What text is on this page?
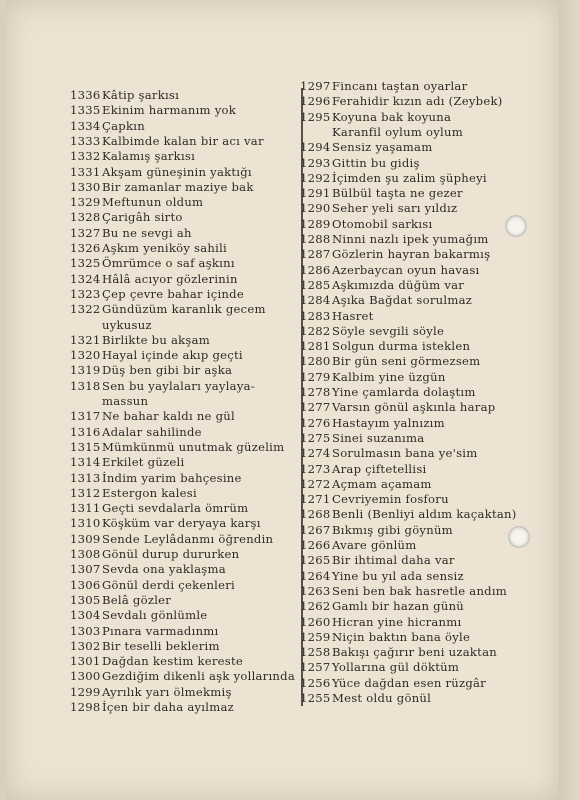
1336Kâtip şarkısı
1335Ekinim harmanım yok
1334Çapkın
1333Kalbimde kalan bir acı var
1332Kalamış şarkısı
1331Akşam güneşinin yaktığı
1330Bir zamanlar maziye bak
1329Meftunun oldum
1328Çarigâh sirto
1327Bu ne sevgi ah
1326Aşkım yeniköy sahili
1325Ömrümce o saf aşkını
1324Hâlâ acıyor gözlerinin
1323Çep çevre bahar içinde
1322Gündüzüm karanlık gecem
uykusuz
1321Birlikte bu akşam
1320Hayal içinde akıp geçti
1319Düş ben gibi bir aşka
1318Sen bu yaylaları yaylaya-
massun
1317Ne bahar kaldı ne gül
1316Adalar sahilinde
1315Mümkünmü unutmak güzelim
1314Erkilet güzeli
1313İndim yarim bahçesine
1312Estergon kalesi
1311Geçti sevdalarla ömrüm
1310Köşküm var deryaya karşı
1309Sende Leylâdanmı öğrendin
1308Gönül durup dururken
1307Sevda ona yaklaşma
1306Gönül derdi çekenleri
1305Belâ gözler
1304Sevdalı gönlümle
1303Pınara varmadınmı
1302Bir teselli beklerim
1301Dağdan kestim kereste
1300Gezdiğim dikenli aşk yollarında
1299Ayrılık yarı ölmekmiş
1298İçen bir daha ayılmaz
1297Fincanı taştan oyarlar
1296Ferahidir kızın adı (Zeybek)
1295Koyuna bak koyuna
Karanfil oylum oylum
1294Sensiz yaşamam
1293Gittin bu gidiş
1292İçimden şu zalim şüpheyi
1291Bülbül taşta ne gezer
1290Seher yeli sarı yıldız
1289Otomobil sarkısı
1288Ninni nazlı ipek yumağım
1287Gözlerin hayran bakarmış
1286Azerbaycan oyun havası
1285Aşkımızda düğüm var
1284Aşıka Bağdat sorulmaz
1283Hasret
1282Söyle sevgili söyle
1281Solgun durma isteklen
1280Bir gün seni görmezsem
1279Kalbim yine üzgün
1278Yine çamlarda dolaştım
1277Varsın gönül aşkınla harap
1276Hastayım yalnızım
1275Sinei suzanıma
1274Sorulmasın bana ye'sim
1273Arap çiftetellisi
1272Açmam açamam
1271Cevriyemin fosforu
1268Benli (Benliyi aldım kaçaktan)
1267Bıkmış gibi göynüm
1266Avare gönlüm
1265Bir ihtimal daha var
1264Yine bu yıl ada sensiz
1263Seni ben bak hasretle andım
1262Gamlı bir hazan günü
1260Hicran yine hicranmı
1259Niçin baktın bana öyle
1258Bakışı çağırır beni uzaktan
1257Yollarına gül döktüm
1256Yüce dağdan esen rüzgâr
1255Mest oldu gönül
